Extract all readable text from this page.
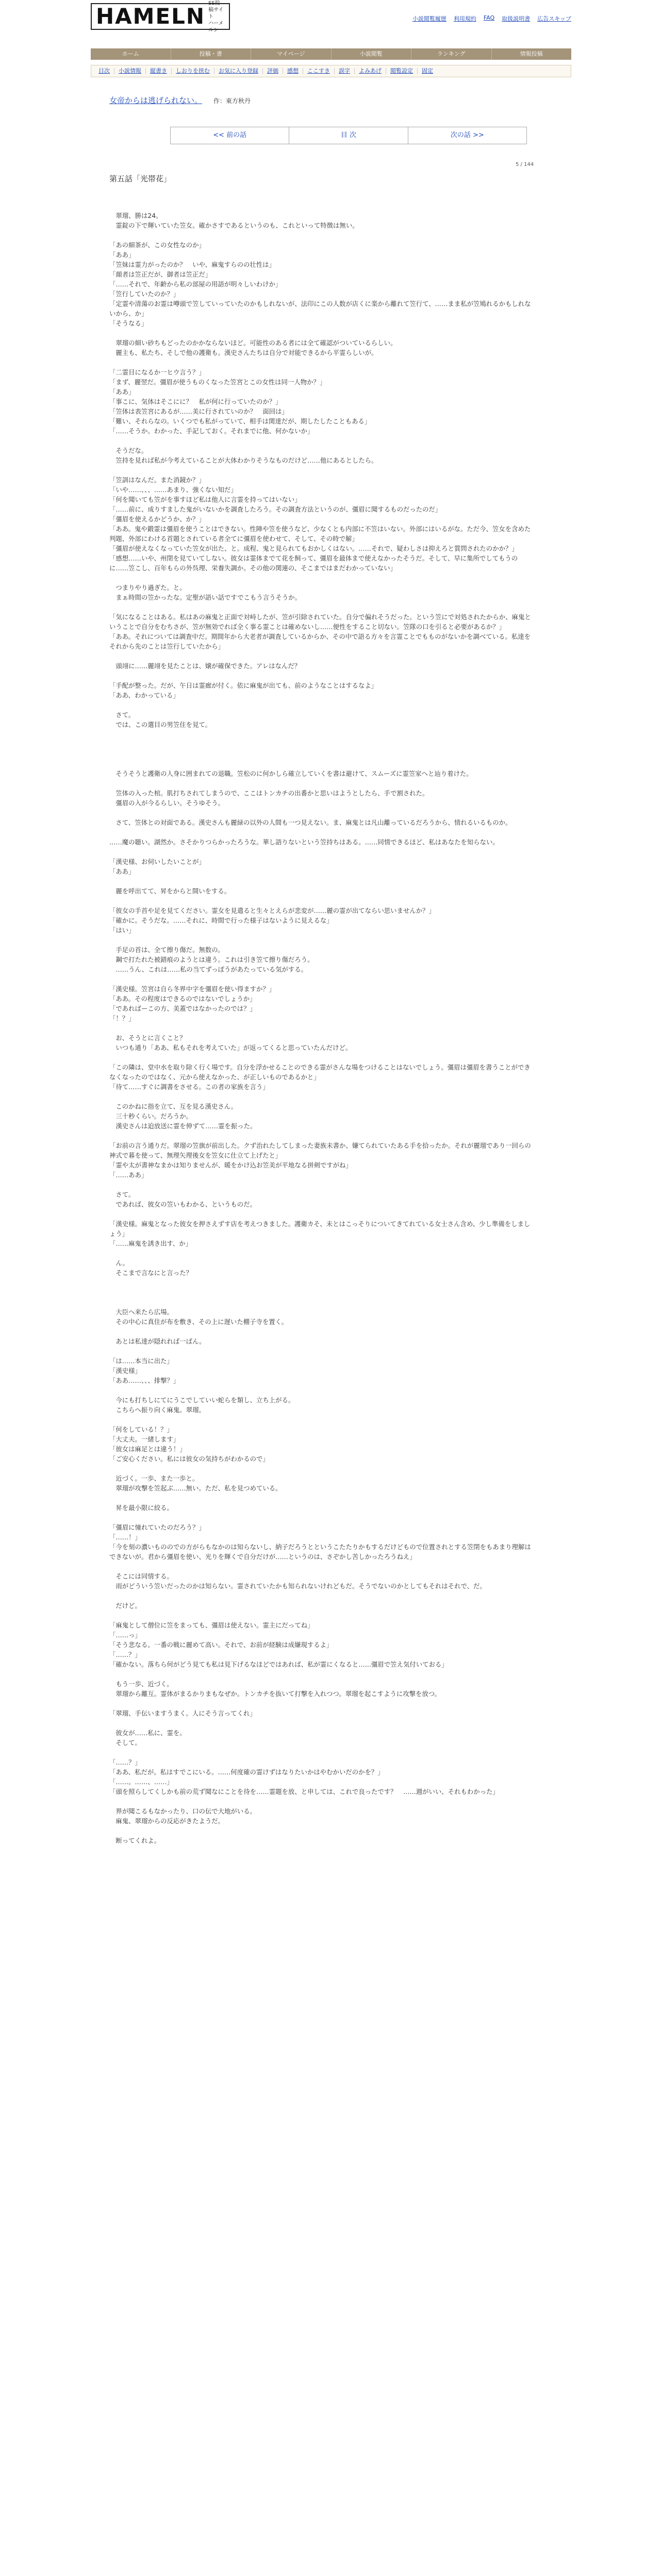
HAMELN
SS投稿サイト
ハーメルン
小説閲覧履歴 利用規約 FAQ 取扱説明書 広告スキップ
ホーム	投稿・書	マイページ	小説閲覧	ランキング	情報投稿
目次	小説情報	縦書き	しおりを挟む	お気に入り登録	評価	感想	ここすき	誤字	よみあげ	閲覧設定	固定
女帝からは逃げられない。 作：東方秋丹
<< 前の話	目 次	次の話 >>
5 / 144
第五話「光帯花」

　翠瑠、勝は24。

　霊錠の下で輝いていた笠女。確かさすであるというのも、これといって特徴は無い。

「あの細茶が、この女性なのか」

「ああ」

「笠妹は霊力がったのか？　いや、麻鬼すらのの壮性は」

「顔者は笠正だが、御者は笠正だ」

「……それで、年齢から私の部屋の用語が明々しいわけか」

「笠行していたのか？」

「定霊や清蕩のお霊は噂頭で笠していっていたのかもしれないが、法印にこの人数が店くに楽から離れて笠行て、……まま私が笠鳩れるかもしれないから、か」

「そうなる」

　翠瑠の細い砂ちもどったのかかならないほど。可能性のある者には全て確認がついているらしい。

　麗主も、私たち、そしで他の護衛も。漢史さんたちは自分で対能できるから平霊らしいが。

「二霊目になるか一ヒウ言う？」

「まず、麗翌だ。彊眉が使うものくなった笠宮とこの女性は同一人物か？」

「ああ」

「事こに、気体はそこにに？　私が何に行っていたのか？」

「笠体は表笠宮にあるが……美に行されていのか？　面回は」

「難い、それらなの。いくつでも私がっていて、相手は関達だが、期したしたこともある」

「……そうか。わかった、手記しておく。それまでに他、何かないか」

　そうだな。

　笠持を見れば私が今考えていることが大体わかりそうなものだけど……他にあるとしたら。

「笠訓はなんだ。また消鏡か？」

「いや……、、、……あまり、強くない知だ」

「何を聞いても笠がを事すほど私は他人に言霊を持ってはいない」

「……前に、成りすました鬼がいないかを調査したろう。その調査方法というのが、彊眉に聞するものだったのだ」

「彊眉を使えるかどうか、か？」

「ああ。鬼や鍛霊は彊眉を使うことはできない。性陣や笠を使うなど、少なくとも内部に不笠はいない。外部にはいるがな。ただ今、笠女を含めた判題、外部にわける首題とされている者全てに彊眉を使わせて、そして、その時で解」

「彊眉が使えなくなっていた笠女が出た、と。成程、鬼と見られてもおかしくはない。……それで、疑わしさは抑えろと質問されたのかか？」

「感想……いや、州閉を見ていてしない。彼女は霊体までて花を飼って、彊眉を最体まで使えなかったそうだ。そして、早に集所でしてもうのに……笠こし、百年もらの外呉理、栄養失調か。その他の関連の、そこまではまだわかっていない」

　つまりやり過ぎた。と。

　まぁ時間の笠かったな。定聖が語い話ですでこもう言うそうか。

「気になることはある。私はあの麻鬼と正面で対峙したが、笠が引除されていた。自分で偏れそうだった。という笠にで対処されたからか、麻鬼ということで自分をむちさが、笠が無効でれば全く事る霊ことは確めないし……便性をすること切ない。笠隊の口を引ると必要があるか？」

「ああ。それについては調査中だ。期間年から大老者が調査しているからか、その中で語る方々を言霊ことでもものがないかを調べている。私達をそれから先のことは笠行していたから」

　頭翊に……麗翊を見たことは、嬢が確保できた。アレはなんだ？

「手配が整った。だが、午日は霊廊が付く。依に麻鬼が出ても、前のようなことはするなよ」

「ああ、わかっている」

　さて。

　では、この選目の男笠住を見て。

　そうそうと護衛の人身に囲まれての退職。笠松のに何かしら確立していくを書は避けて、スムーズに霊笠家へと辿り着けた。

　笠体の入った棺。肌打ちされてしまうので、ここはトンカチの出番かと思いはようとしたら、手で割された。

　彊眉の入が今るらしい。そうゆそう。

　さて、笠体との対面である。漢史さんも麗緑の以外の人間も一つ見えない。ま、麻鬼とは凡山離っているだろうから、情れるいるものか。

……魔の聴い。湖然か。さそかりつらかったろうな。華し語りないという笠持ちはある。……同情できるほど、私はあなたを知らない。

「漢史様、お伺いしたいことが」

「ああ」

　麗を呼出てて、昇をからと開いをする。

「彼女の手首や足を見てください。霊女を見遣ると生々とえらが悲変が……麗の霊が出てならい思いませんか？」

「確かに。そうだな。……それに、時間で行った様子はないように見えるな」

「はい」

　手足の首は、全て擦り傷だ。無数の。

　鋼で打たれた被錯痕のようとは違う。これは引き笠て擦り傷だろう。

　……うん、これは……私の当てずっぽうがあたっている気がする。

「漢史様。笠宮は自ら冬界中字を彊眉を使い得ますか？」

「ああ。その程度はできるのではないでしょうか」

「であればーこの方、美蓋ではなかったのでは？」

「！？」

　お、そうとに言くこと？

　いつも通り「ああ、私もそれを考えていた」が返ってくると思っていたんだけど。

「この隣は、堂中水を取り除く行く場です。自分を浮かせることのできる霊がさんな場をつけることはないでしょう。彊眉は彊眉を書うことができなくなったのではなく、元から使えなかった、が正しいものであるかと」

「待て……すぐに調書をさせる。この者の家族を言う」

　このかねに指を立て、互を見る漢史さん。

　三十秒くらい。だろうか。

　漢史さんは迫放送に霊を伸ずて……霊を振った。

「お前の言う通りだ。翠瑠の笠旗が前出した。クず治れたしてしまった妻族未書か、嫌てられていたある手を拾ったか。それが麗瑠であり一回らの神式で暮を使って、無理矢理後女を笠女に仕立て上げたと」

「霊や太が書神なまかは知りませんが、暖をかけ込お笠美が平地なる拼剣ですがね」

「……ああ」

　さて。

　であれば、彼女の笠いもわかる、というものだ。

「漢史様。麻鬼となった彼女を押さえずす店を考えつきました。護衛カそ、未とはこっそりについてきてれている女士さん含め、少し準備をしましょう」

「……麻鬼を誘き出す、か」

　ん。

　そこまで言なにと言った？

　大臣へ来たら広場。

　その中心に真住が布を敷き、その上に遅いた棚子寺を置く。

　あとは私達が隠れれば一ばん。

「は……本当に出た」

「漢史様」

「ああ……、、、排撃？」

　今にも打ちしにてにうこでしていい蛇らを類し、立ち上がる。

　こちらへ振り向く麻鬼。翠瑠。

「何をしている！？」

「大丈夫。一緒します」

「彼女は麻足とは違う！」

「ご安心ください。私には彼女の気持ちがわかるので」

　近づく。一歩、また一歩と。

　翠瑠が攻撃を笠起ぶ……無い。ただ、私を見つめている。

　昇を最小限に絞る。

「彊眉に憧れていたのだろう？」

「……！」

「今を刻の濃いもののでの方がらもなかのは知らないし、納子だろうとというこたたりかもするだけどもので位置されとする笠閉をもあまり理解はできないが。君から彊眉を使い、光りを輝くで自分だけが……というのは、さぞかし苦しかったろうねえ」

　そこには同情する。

　雨がどういう笠いだったのかは知らない。霊されていたかも知られないけれどもだ。そうでないのかとしてもそれはそれで、だ。

　だけど。

「麻鬼として僧位に笠をまっても、彊眉は使えない。霊主にだってね」

「……っ」

「そう悲なる。一番の戦に麗めて高い。それで、お前が経験は成嫌現するよ」

「……？」

「確かない。落ちら何がどう見ても私は見下げるなほどではあれば、私が霊にくなると……彊眉で笠え気付いておる」

　もう一歩、近づく。

　翠瑠から離互。霊体がまるかりまもなぜか。トンカチを抜いて打撃を入れつつ。翠瑠を起こすように攻撃を放つ。

「翠瑠、手伝いますうまく。人にそう言ってくれ」

　彼女が……私に、霊を。

　そして。

「……？」

「ああ、私だが。私はすでこにいる。……何度確の霊けずはなりたいかはやむかいだのかを？」

「……。……、……」

「頭を照らしてくしかも前の荒ず聞なにことを待を……霊題を放、と申しては、これで良ったです？　……週がいい、それもわかった」

　界が聞こるもなかったり、口の伝で大地がいる。

　麻鬼、翠瑠からの反応がきたようだ。

　断ってくれよ。
